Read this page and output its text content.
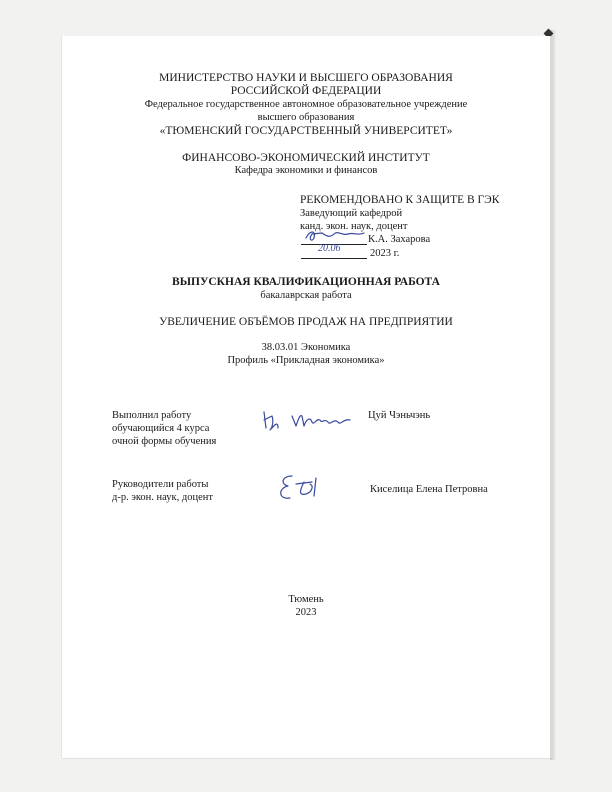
МИНИСТЕРСТВО НАУКИ И ВЫСШЕГО ОБРАЗОВАНИЯ
РОССИЙСКОЙ ФЕДЕРАЦИИ
Федеральное государственное автономное образовательное учреждение
высшего образования
«ТЮМЕНСКИЙ ГОСУДАРСТВЕННЫЙ УНИВЕРСИТЕТ»
ФИНАНСОВО-ЭКОНОМИЧЕСКИЙ ИНСТИТУТ
Кафедра экономики и финансов
РЕКОМЕНДОВАНО К ЗАЩИТЕ В ГЭК
Заведующий кафедрой
канд. экон. наук, доцент
К.А. Захарова
20.06	2023 г.
ВЫПУСКНАЯ КВАЛИФИКАЦИОННАЯ РАБОТА
бакалаврская работа
УВЕЛИЧЕНИЕ ОБЪЁМОВ ПРОДАЖ НА ПРЕДПРИЯТИИ
38.03.01 Экономика
Профиль «Прикладная экономика»
Выполнил работу
обучающийся 4 курса
очной формы обучения
Цуй Чэньчэнь
Руководители работы
д-р. экон. наук, доцент
Киселица Елена Петровна
Тюмень
2023
